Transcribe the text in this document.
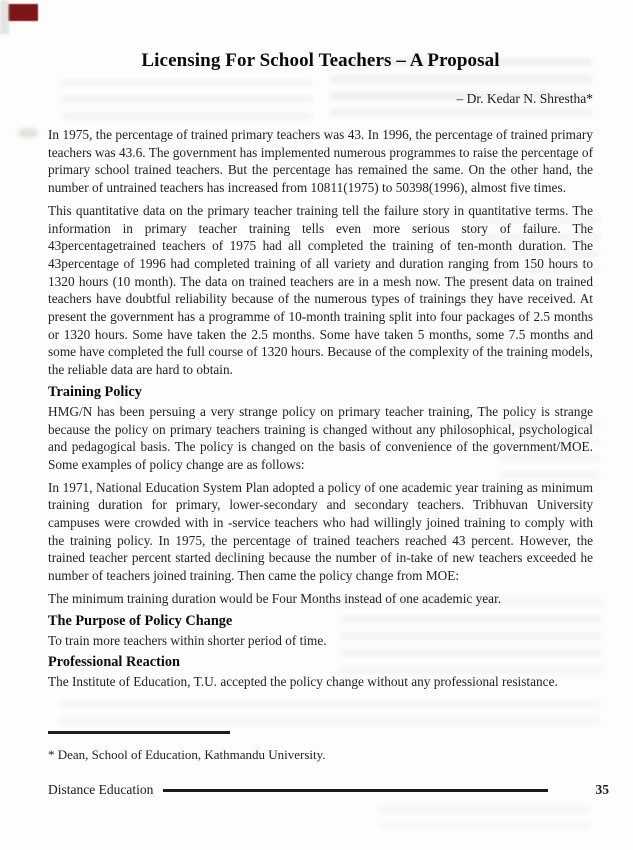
Licensing For School Teachers – A Proposal

– Dr. Kedar N. Shrestha*

In 1975, the percentage of trained primary teachers was 43. In 1996, the percentage of trained primary teachers was 43.6. The government has implemented numerous programmes to raise the percentage of primary school trained teachers. But the percentage has remained the same. On the other hand, the number of untrained teachers has increased from 10811(1975) to 50398(1996), almost five times.

This quantitative data on the primary teacher training tell the failure story in quantitative terms. The information in primary teacher training tells even more serious story of failure. The 43percentagetrained teachers of 1975 had all completed the training of ten-month duration. The 43percentage of 1996 had completed training of all variety and duration ranging from 150 hours to 1320 hours (10 month). The data on trained teachers are in a mesh now. The present data on trained teachers have doubtful reliability because of the numerous types of trainings they have received. At present the government has a programme of 10-month training split into four packages of 2.5 months or 1320 hours. Some have taken the 2.5 months. Some have taken 5 months, some 7.5 months and some have completed the full course of 1320 hours. Because of the complexity of the training models, the reliable data are hard to obtain.

Training Policy

HMG/N has been persuing a very strange policy on primary teacher training, The policy is strange because the policy on primary teachers training is changed without any philosophical, psychological and pedagogical basis. The policy is changed on the basis of convenience of the government/MOE. Some examples of policy change are as follows:

In 1971, National Education System Plan adopted a policy of one academic year training as minimum training duration for primary, lower-secondary and secondary teachers. Tribhuvan University campuses were crowded with in -service teachers who had willingly joined training to comply with the training policy. In 1975, the percentage of trained teachers reached 43 percent. However, the trained teacher percent started declining because the number of in-take of new teachers exceeded he number of teachers joined training. Then came the policy change from MOE:

The minimum training duration would be Four Months instead of one academic year.

The Purpose of Policy Change

To train more teachers within shorter period of time.

Professional Reaction

The Institute of Education, T.U. accepted the policy change without any professional resistance.

* Dean, School of Education, Kathmandu University.

Distance Education	35
